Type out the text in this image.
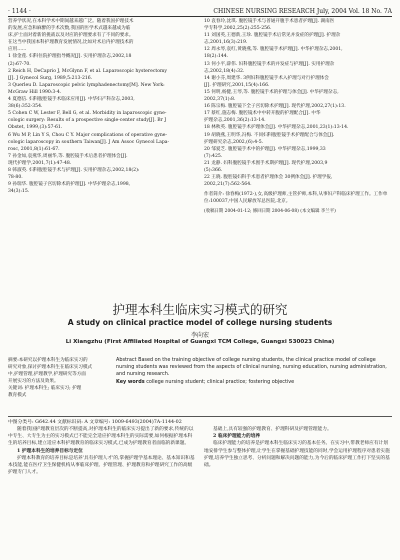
· 1144 ·	CHINESE NURSING RESEARCH July, 2004 Vol. 18 No. 7A

营养学状况,在本科学术中期间越来越广泛。随着我国护理技术

的发展,应急和麻醉的手术次数,我国的医学术式越来越成为临

床,护士面对着新的挑战以及对应的护理要求有了不同的要求。

在这当中我国本科护理教育发展情况,比如对术后内护理技术的

应用……

1 徐金莲. 妇科住院护理指导概况[J]. 实用护理杂志,2002,18

(2):67-70.

2 Reich H, DeCaprio J, McGlynn F, et al. Laparoscopic hysterectomy

[J]. J Gynecol Surg, 1989,5:213-216.

3 Querleu D. Laparoscopic pelvic lymphadenectomy[M]. New York:

McGraw Hill 1990:3-4.

4 夏德信. 妇科腹腔镜手术临床应用[J]. 中华妇产科杂志,2003,

38(6):352-354.

5 Cohen C W, Lester F, Bell G, et al. Morbidity in laparoscopic gyne-

cologic surgery: Results of a prospective single-center study[J]. Br J

Obstet, 1999,(3):57-61.

6 Wu M P, Lin Y S, Chou C Y. Major complications of operative gyne-

cologic laparoscopy in southern Taiwan[J]. J Am Assoc Gynecol Lapa-

rosc, 2001,8(1):61-67.

7 孙金如,袁燕华,周丽华,等. 腹腔镜手术后患者护理体会[J].

现代护理学,2001,7(1):47-48.

8 韩淑英. 妇科腹腔镜手术与护理[J]. 实用护理杂志,2002,18(2):

78-80.

9 孙瑞华. 腹腔镜子宫切除术的护理[J]. 中华护理杂志,1998,

34(3):15.

10 袁春玲,沈琪. 腹腔镜手术与普通开腹手术患者护理[J]. 湖南医

学专科学,2002,25(2):255-256.

11 刘国英,王德新,王珍. 腹腔镜手术后常见并发症的护理[J]. 护理杂

志,2001,16(3):219.

12 周永琴,袁红,黄晓燕,等. 腹腔镜手术护理[J]. 中华护理杂志,2001,

18(2):144.

13 何小平,薛伟. 妇科腹腔镜手术的并发症与护理[J]. 实用护理杂

志,2002,18(4):32.

14 谢小芬,周建华. 3例妇科腹腔镜手术入护理与对行护理体会

[J]. 护理研究,2001,15(4):166.

15 何明,杨健,王琴,等. 腹腔镜手术的护理与体会[J]. 中华护理杂志,

2002,37(1):8.

16 陈宗梅. 腹腔镜下全子宫切除术护理[J]. 现代护理,2002,27(1):13.

17 蔡红,施志梅. 腹腔镜术中中转开腹的护理配合[J]. 中华

护理杂志,2001,36(2):13-14.

18 林秋英. 腹腔镜手术护理体会[J]. 中华护理杂志,2001,23(1):13-14.

19 胡晓燕,王明华,冯梅. 不同妇科腹腔镜手术护理配合与体会[J].

护理研究杂志,2002,(6):4-5.

20 邹爱芝. 腹腔镜手术中的护理[J]. 中华护理杂志,1999,33

(7):425.

21 龙静. 妇科腹腔镜手术围手术期护理[J]. 现代护理,2003,9

(5):366.

22 王晓. 腹腔镜妇科手术患者护理体会 30例体会[J]. 护理学报,

2002,21(7):562-564.

作者简介: 徐春梅(1972-),女,高级护理师,主管护师,本科,从事妇产科临床护理工作。工作单位:100037,中国人民解放军总医院,北京。

(收稿日期 2004-01-12; 修回日期 2004-06-08) (本文编辑 李兰平)

护理本科生临床实习模式的研究
A study on clinical practice model of college nursing students
李向宏
Li Xiangzhu (First Affiliated Hospital of Guangxi TCM College, Guangxi 530023 China)
摘要:本研究以护理本科生为临床实习的
研究对象,探讨护理本科生在临床实习模式
中,护理管理,护理教学,护理研究等方面
开展实习的方法及效果。
关键词: 护理本科生; 临床实习; 护理
教育模式
Abstract Based on the training objective of college nursing students, the clinical practice model of college nursing students was reviewed from the aspects of clinical nursing, nursing education, nursing administration, and nursing research.
Key words college nursing student; clinical practice; fostering objective
中图分类号: G642.44 文献标识码: A 文章编号: 1009-6493(2004)7A-1144-02

随着我国护理教育层次的不断提高,对护理本科生的临床实习提出了新的要求,传统的以中专生、大专生为主的实习模式已不能完全适应护理本科生的实际需要,如何根据护理本科生的培养目标,建立适应本科护理教育的临床实习模式,已成为护理教育者面临的新课题。

1 护理本科生的培养目标与定位

护理本科教育的培养目标是培养'具有护理人才'的,掌握护理学基本理论、基本知识和基本技能,能在医疗卫生保健机构从事临床护理、护理管理、护理教育和护理研究工作的高级护理专门人才。

基础上,具有较强的护理教育、护理科研及护理管理能力。

2 临床护理能力的培养

临床护理能力的培养是护理本科生临床实习的基本任务。在实习中,带教老师应有计划地安排学生参与整体护理,让学生在掌握基础护理技能的同时,学会运用护理程序对患者实施护理,培养学生独立思考、分析问题和解决问题的能力,为今后的临床护理工作打下坚实的基础。
